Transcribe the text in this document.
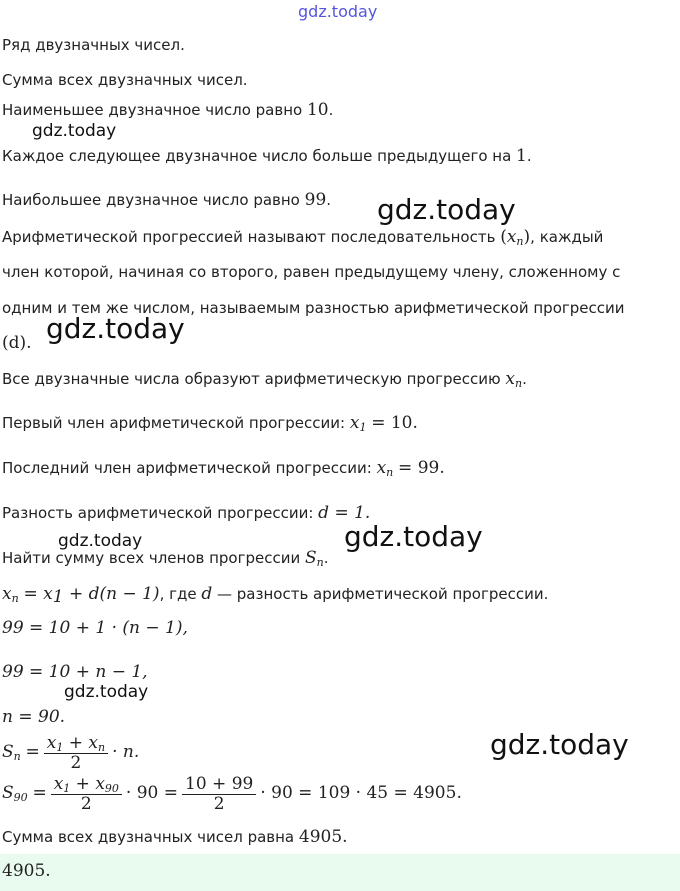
gdz.today
Ряд двузначных чисел.
Сумма всех двузначных чисел.
Наименьшее двузначное число равно 10.
gdz.today
Каждое следующее двузначное число больше предыдущего на 1.
Наибольшее двузначное число равно 99. gdz.today
Арифметической прогрессией называют последовательность $(x_n)$, каждый
член которой, начиная со второго, равен предыдущему члену, сложенному с
одним и тем же числом, называемым разностью арифметической прогрессии
(d). gdz.today
Все двузначные числа образуют арифметическую прогрессию $x_n$.
Первый член арифметической прогрессии: $x_1 = 10$.
Последний член арифметической прогрессии: $x_n = 99$.
Разность арифметической прогрессии: d = 1.
gdz.today
gdz.today
Найти сумму всех членов прогрессии $S_n$.
$x_n = x_1 + d(n - 1)$, где d — разность арифметической прогрессии.
99 = 10 + 1 · (n − 1),
99 = 10 + n − 1,
gdz.today
n = 90.
$S_n = \frac{x_1 + x_n}{2} \cdot n$.	gdz.today
$S_{90} = \frac{x_1 + x_{90}}{2} \cdot 90 = \frac{10 + 99}{2} \cdot 90 = 109 \cdot 45 = 4905$.
Сумма всех двузначных чисел равна 4905.
4905.
